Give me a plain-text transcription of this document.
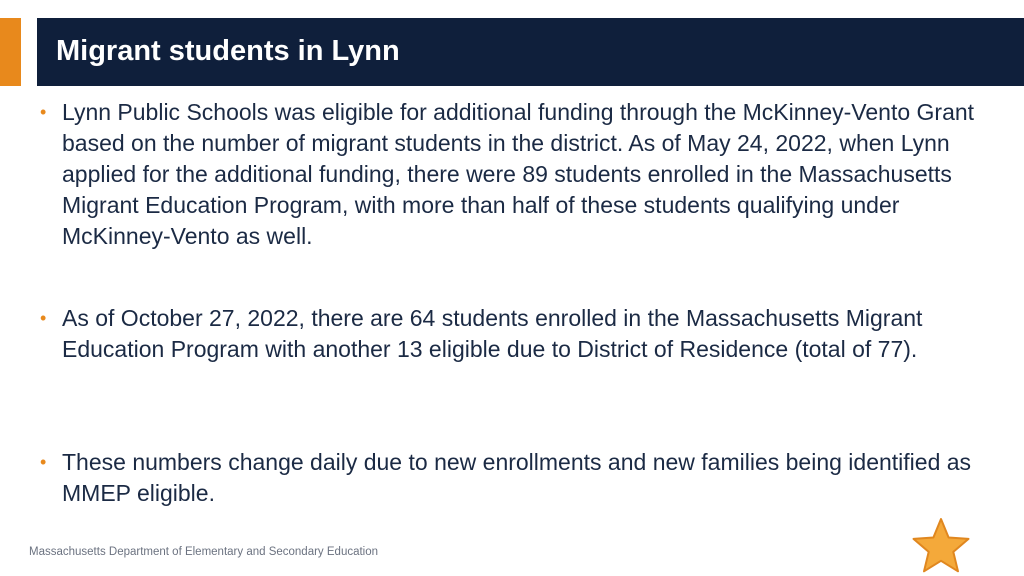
Migrant students in Lynn
• Lynn Public Schools was eligible for additional funding through the McKinney-Vento Grant based on the number of migrant students in the district. As of May 24, 2022, when Lynn applied for the additional funding, there were 89 students enrolled in the Massachusetts Migrant Education Program, with more than half of these students qualifying under McKinney-Vento as well.
• As of October 27, 2022, there are 64 students enrolled in the Massachusetts Migrant Education Program with another 13 eligible due to District of Residence (total of 77).
• These numbers change daily due to new enrollments and new families being identified as MMEP eligible.
Massachusetts Department of Elementary and Secondary Education
